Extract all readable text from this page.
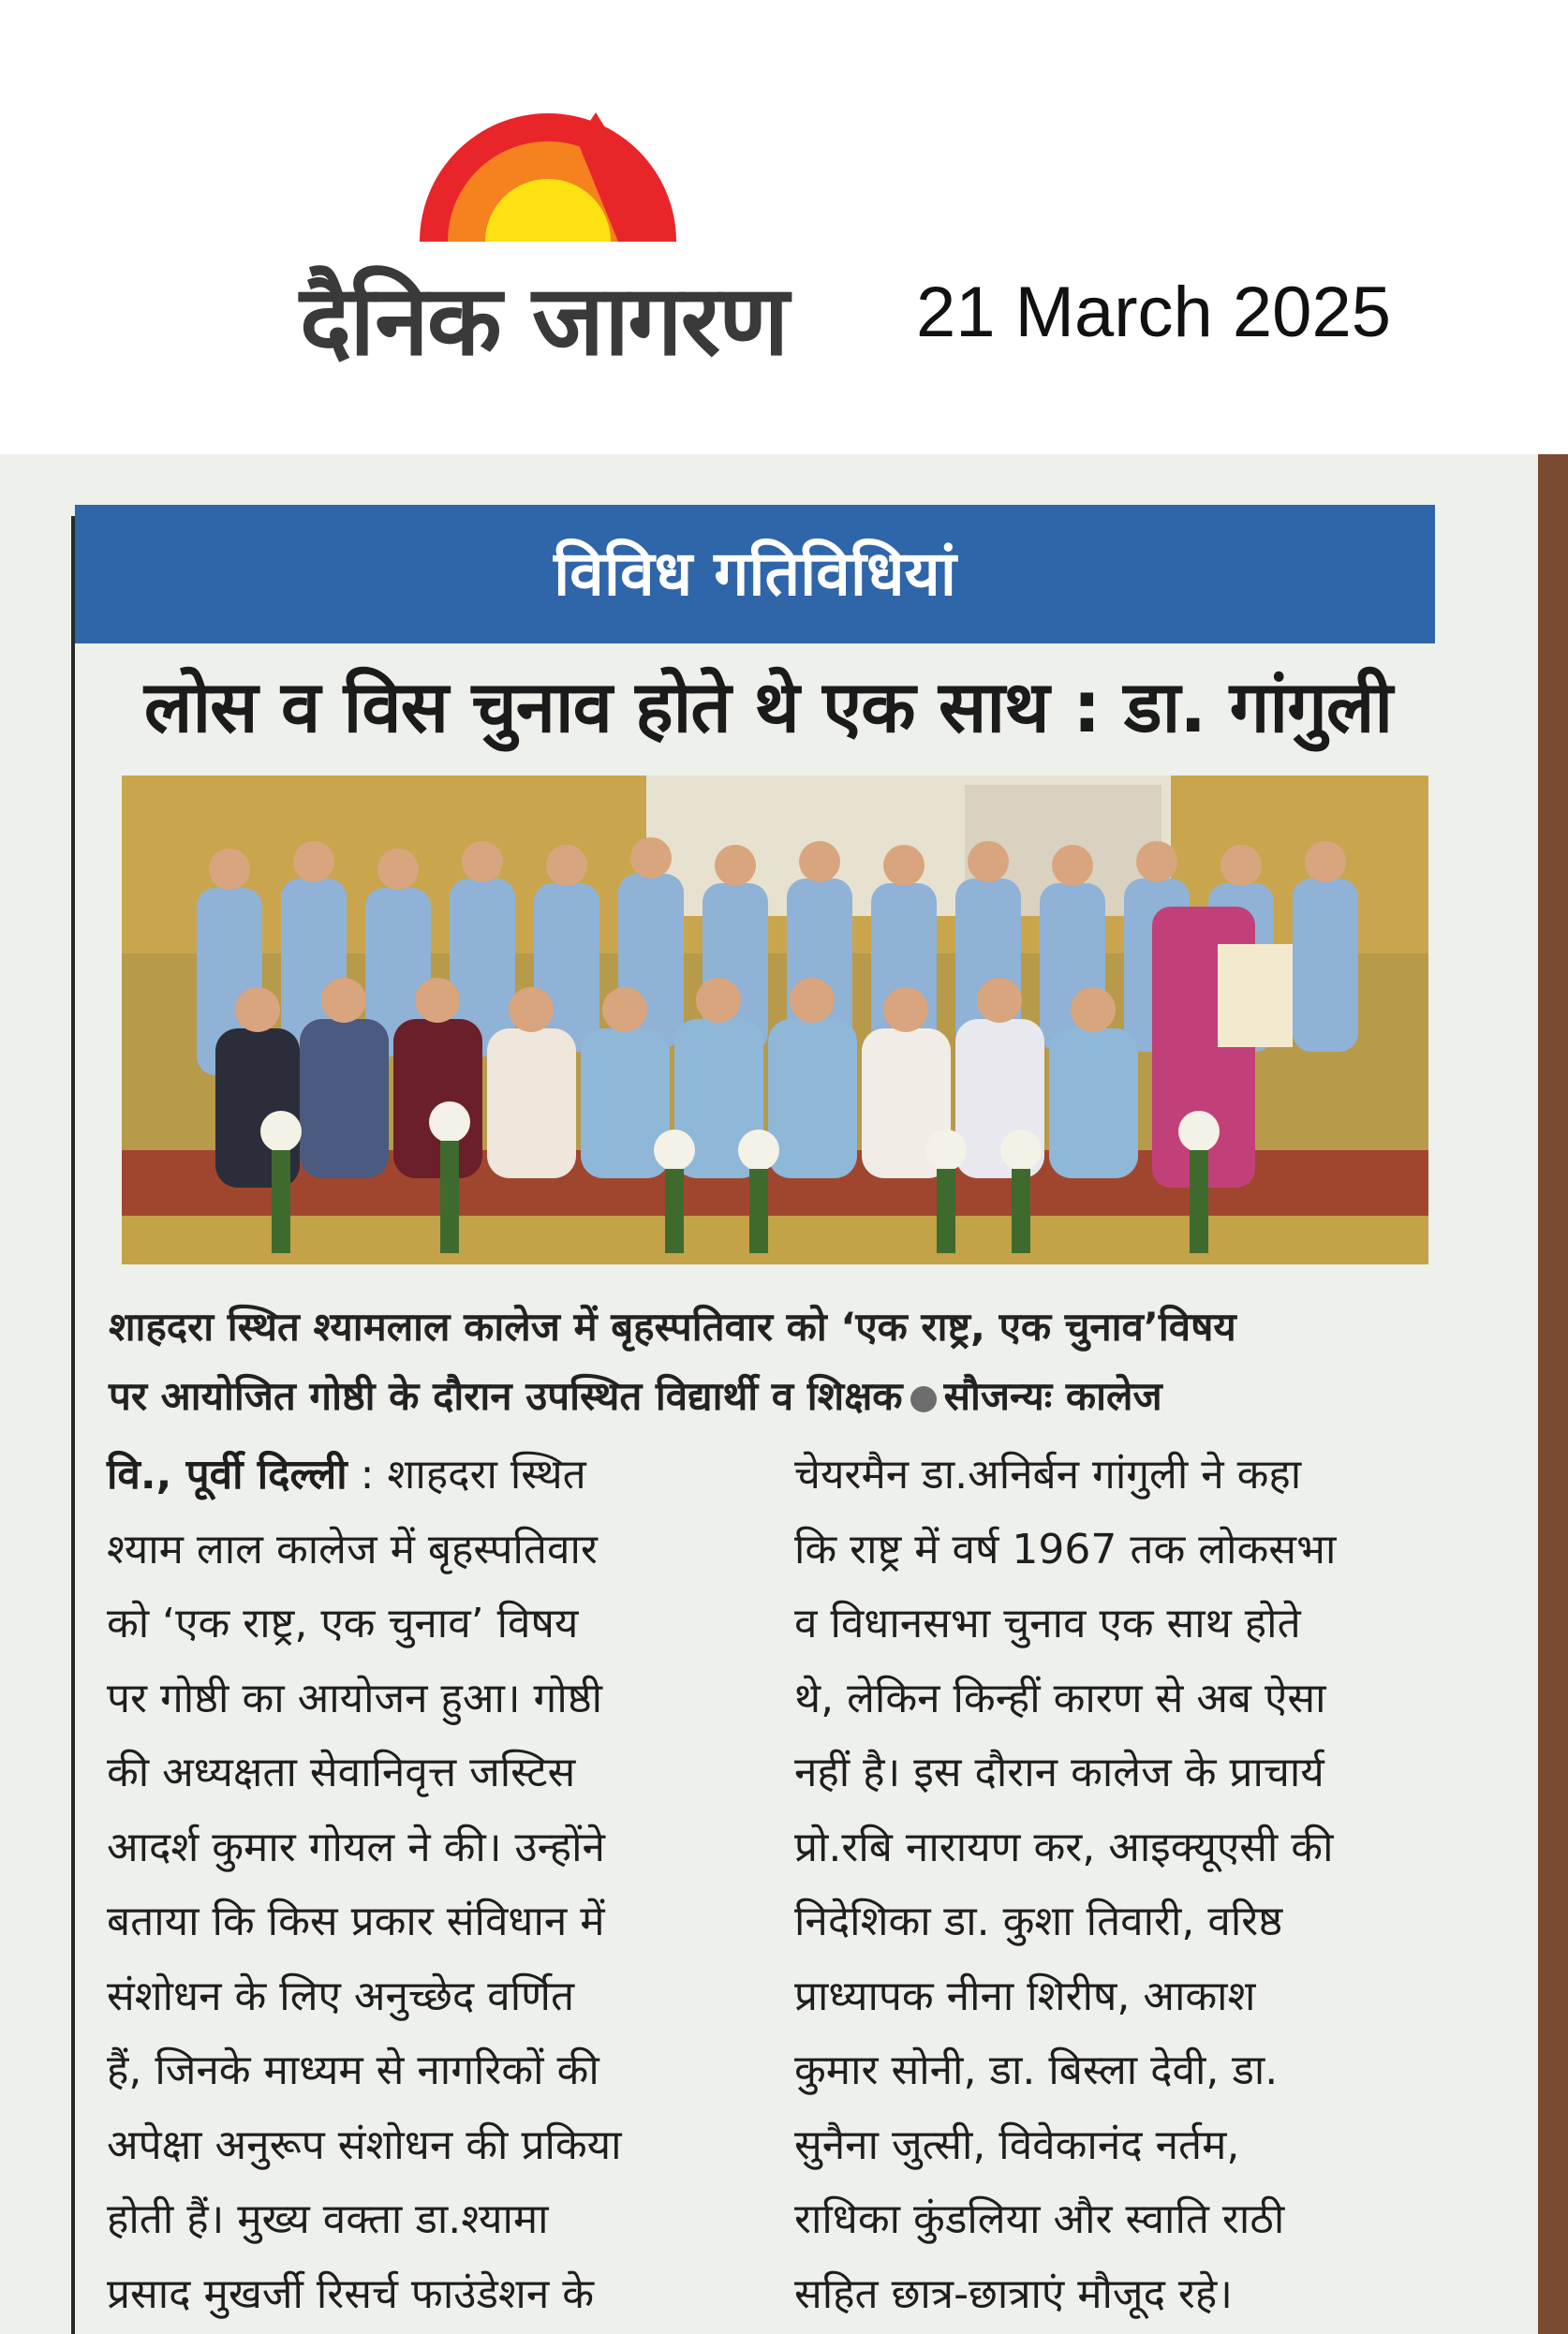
दैनिक जागरण 21 March 2025
विविध गतिविधियां
लोस व विस चुनाव होते थे एक साथ : डा. गांगुली
शाहदरा स्थित श्यामलाल कालेज में बृहस्पतिवार को ‘एक राष्ट्र, एक चुनाव’विषय
पर आयोजित गोष्ठी के दौरान उपस्थित विद्यार्थी व शिक्षक सौजन्यः कालेज
वि., पूर्वी दिल्ली : शाहदरा स्थित
श्याम लाल कालेज में बृहस्पतिवार
को ‘एक राष्ट्र, एक चुनाव’ विषय
पर गोष्ठी का आयोजन हुआ। गोष्ठी
की अध्यक्षता सेवानिवृत्त जस्टिस
आदर्श कुमार गोयल ने की। उन्होंने
बताया कि किस प्रकार संविधान में
संशोधन के लिए अनुच्छेद वर्णित
हैं, जिनके माध्यम से नागरिकों की
अपेक्षा अनुरूप संशोधन की प्रकिया
होती हैं। मुख्य वक्ता डा.श्यामा
प्रसाद मुखर्जी रिसर्च फाउंडेशन के
चेयरमैन डा.अनिर्बन गांगुली ने कहा
कि राष्ट्र में वर्ष 1967 तक लोकसभा
व विधानसभा चुनाव एक साथ होते
थे, लेकिन किन्हीं कारण से अब ऐसा
नहीं है। इस दौरान कालेज के प्राचार्य
प्रो.रबि नारायण कर, आइक्यूएसी की
निदेशिका डा. कुशा तिवारी, वरिष्ठ
प्राध्यापक नीना शिरीष, आकाश
कुमार सोनी, डा. बिस्ला देवी, डा.
सुनैना जुत्सी, विवेकानंद नर्तम,
राधिका कुंडलिया और स्वाति राठी
सहित छात्र-छात्राएं मौजूद रहे।
